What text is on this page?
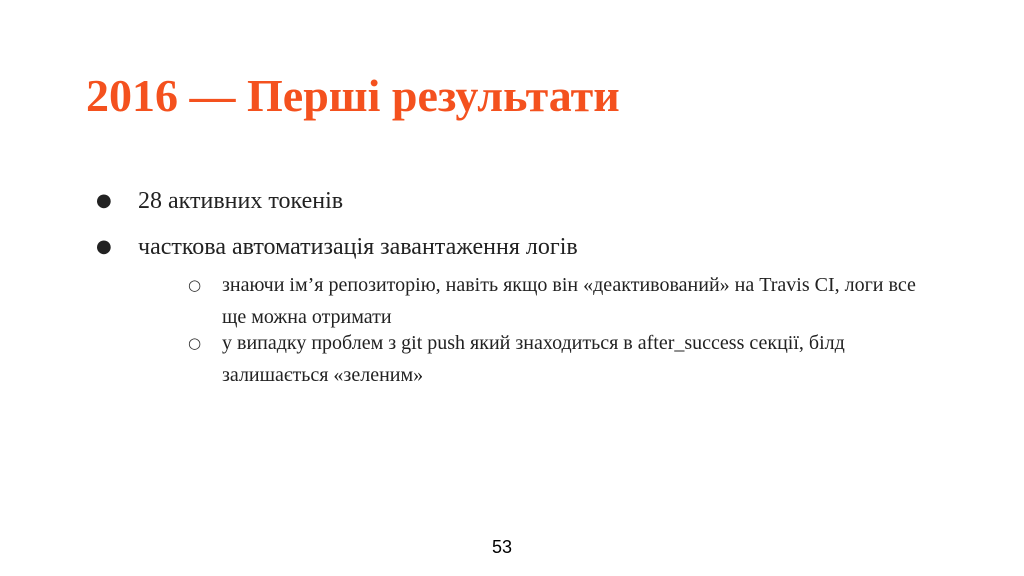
2016 — Перші результати
● 28 активних токенів
● часткова автоматизація завантаження логів
○ знаючи ім’я репозиторію, навіть якщо він «деактивований» на Travis CI, логи все ще можна отримати
○ у випадку проблем з git push який знаходиться в after_success секції, білд залишається «зеленим»
53
